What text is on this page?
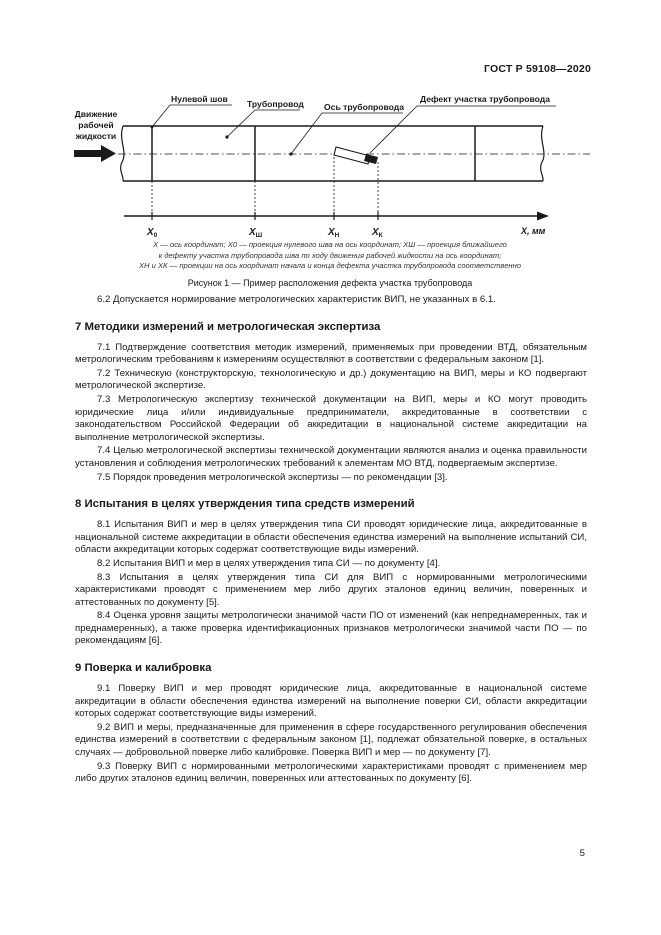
ГОСТ Р 59108—2020
Движение
рабочей
жидкости
Нулевой шов Трубопровод Ось трубопровода
Дефект участка трубопровода
X, мм
$X_0$	$X_Ш$	$X_Н$	$X_К$
X — ось координат; X0 — проекция нулевого шва на ось координат; XШ — проекция ближайшего
к дефекту участка трубопровода шва по ходу движения рабочей жидкости на ось координат;
XН и XК — проекции на ось координат начала и конца дефекта участка трубопровода соответственно
Рисунок 1 — Пример расположения дефекта участка трубопровода

6.2 Допускается нормирование метрологических характеристик ВИП, не указанных в 6.1.

7 Методики измерений и метрологическая экспертиза

7.1 Подтверждение соответствия методик измерений, применяемых при проведении ВТД, обязательным метрологическим требованиям к измерениям осуществляют в соответствии с федеральным законом [1].

7.2 Техническую (конструкторскую, технологическую и др.) документацию на ВИП, меры и КО подвергают метрологической экспертизе.

7.3 Метрологическую экспертизу технической документации на ВИП, меры и КО могут проводить юридические лица и/или индивидуальные предприниматели, аккредитованные в соответствии с законодательством Российской Федерации об аккредитации в национальной системе аккредитации на выполнение метрологической экспертизы.

7.4 Целью метрологической экспертизы технической документации являются анализ и оценка правильности установления и соблюдения метрологических требований к элементам МО ВТД, подвергаемым экспертизе.

7.5 Порядок проведения метрологической экспертизы — по рекомендации [3].

8 Испытания в целях утверждения типа средств измерений

8.1 Испытания ВИП и мер в целях утверждения типа СИ проводят юридические лица, аккредитованные в национальной системе аккредитации в области обеспечения единства измерений на выполнение испытаний СИ, области аккредитации которых содержат соответствующие виды измерений.

8.2 Испытания ВИП и мер в целях утверждения типа СИ — по документу [4].

8.3 Испытания в целях утверждения типа СИ для ВИП с нормированными метрологическими характеристиками проводят с применением мер либо других эталонов единиц величин, поверенных и аттестованных по документу [5].

8.4 Оценка уровня защиты метрологически значимой части ПО от изменений (как непреднамеренных, так и преднамеренных), а также проверка идентификационных признаков метрологически значимой части ПО — по рекомендациям [6].

9 Поверка и калибровка

9.1 Поверку ВИП и мер проводят юридические лица, аккредитованные в национальной системе аккредитации в области обеспечения единства измерений на выполнение поверки СИ, области аккредитации которых содержат соответствующие виды измерений.

9.2 ВИП и меры, предназначенные для применения в сфере государственного регулирования обеспечения единства измерений в соответствии с федеральным законом [1], подлежат обязательной поверке, в остальных случаях — добровольной поверке либо калибровке. Поверка ВИП и мер — по документу [7].

9.3 Поверку ВИП с нормированными метрологическими характеристиками проводят с применением мер либо других эталонов единиц величин, поверенных или аттестованных по документу [6].

5
